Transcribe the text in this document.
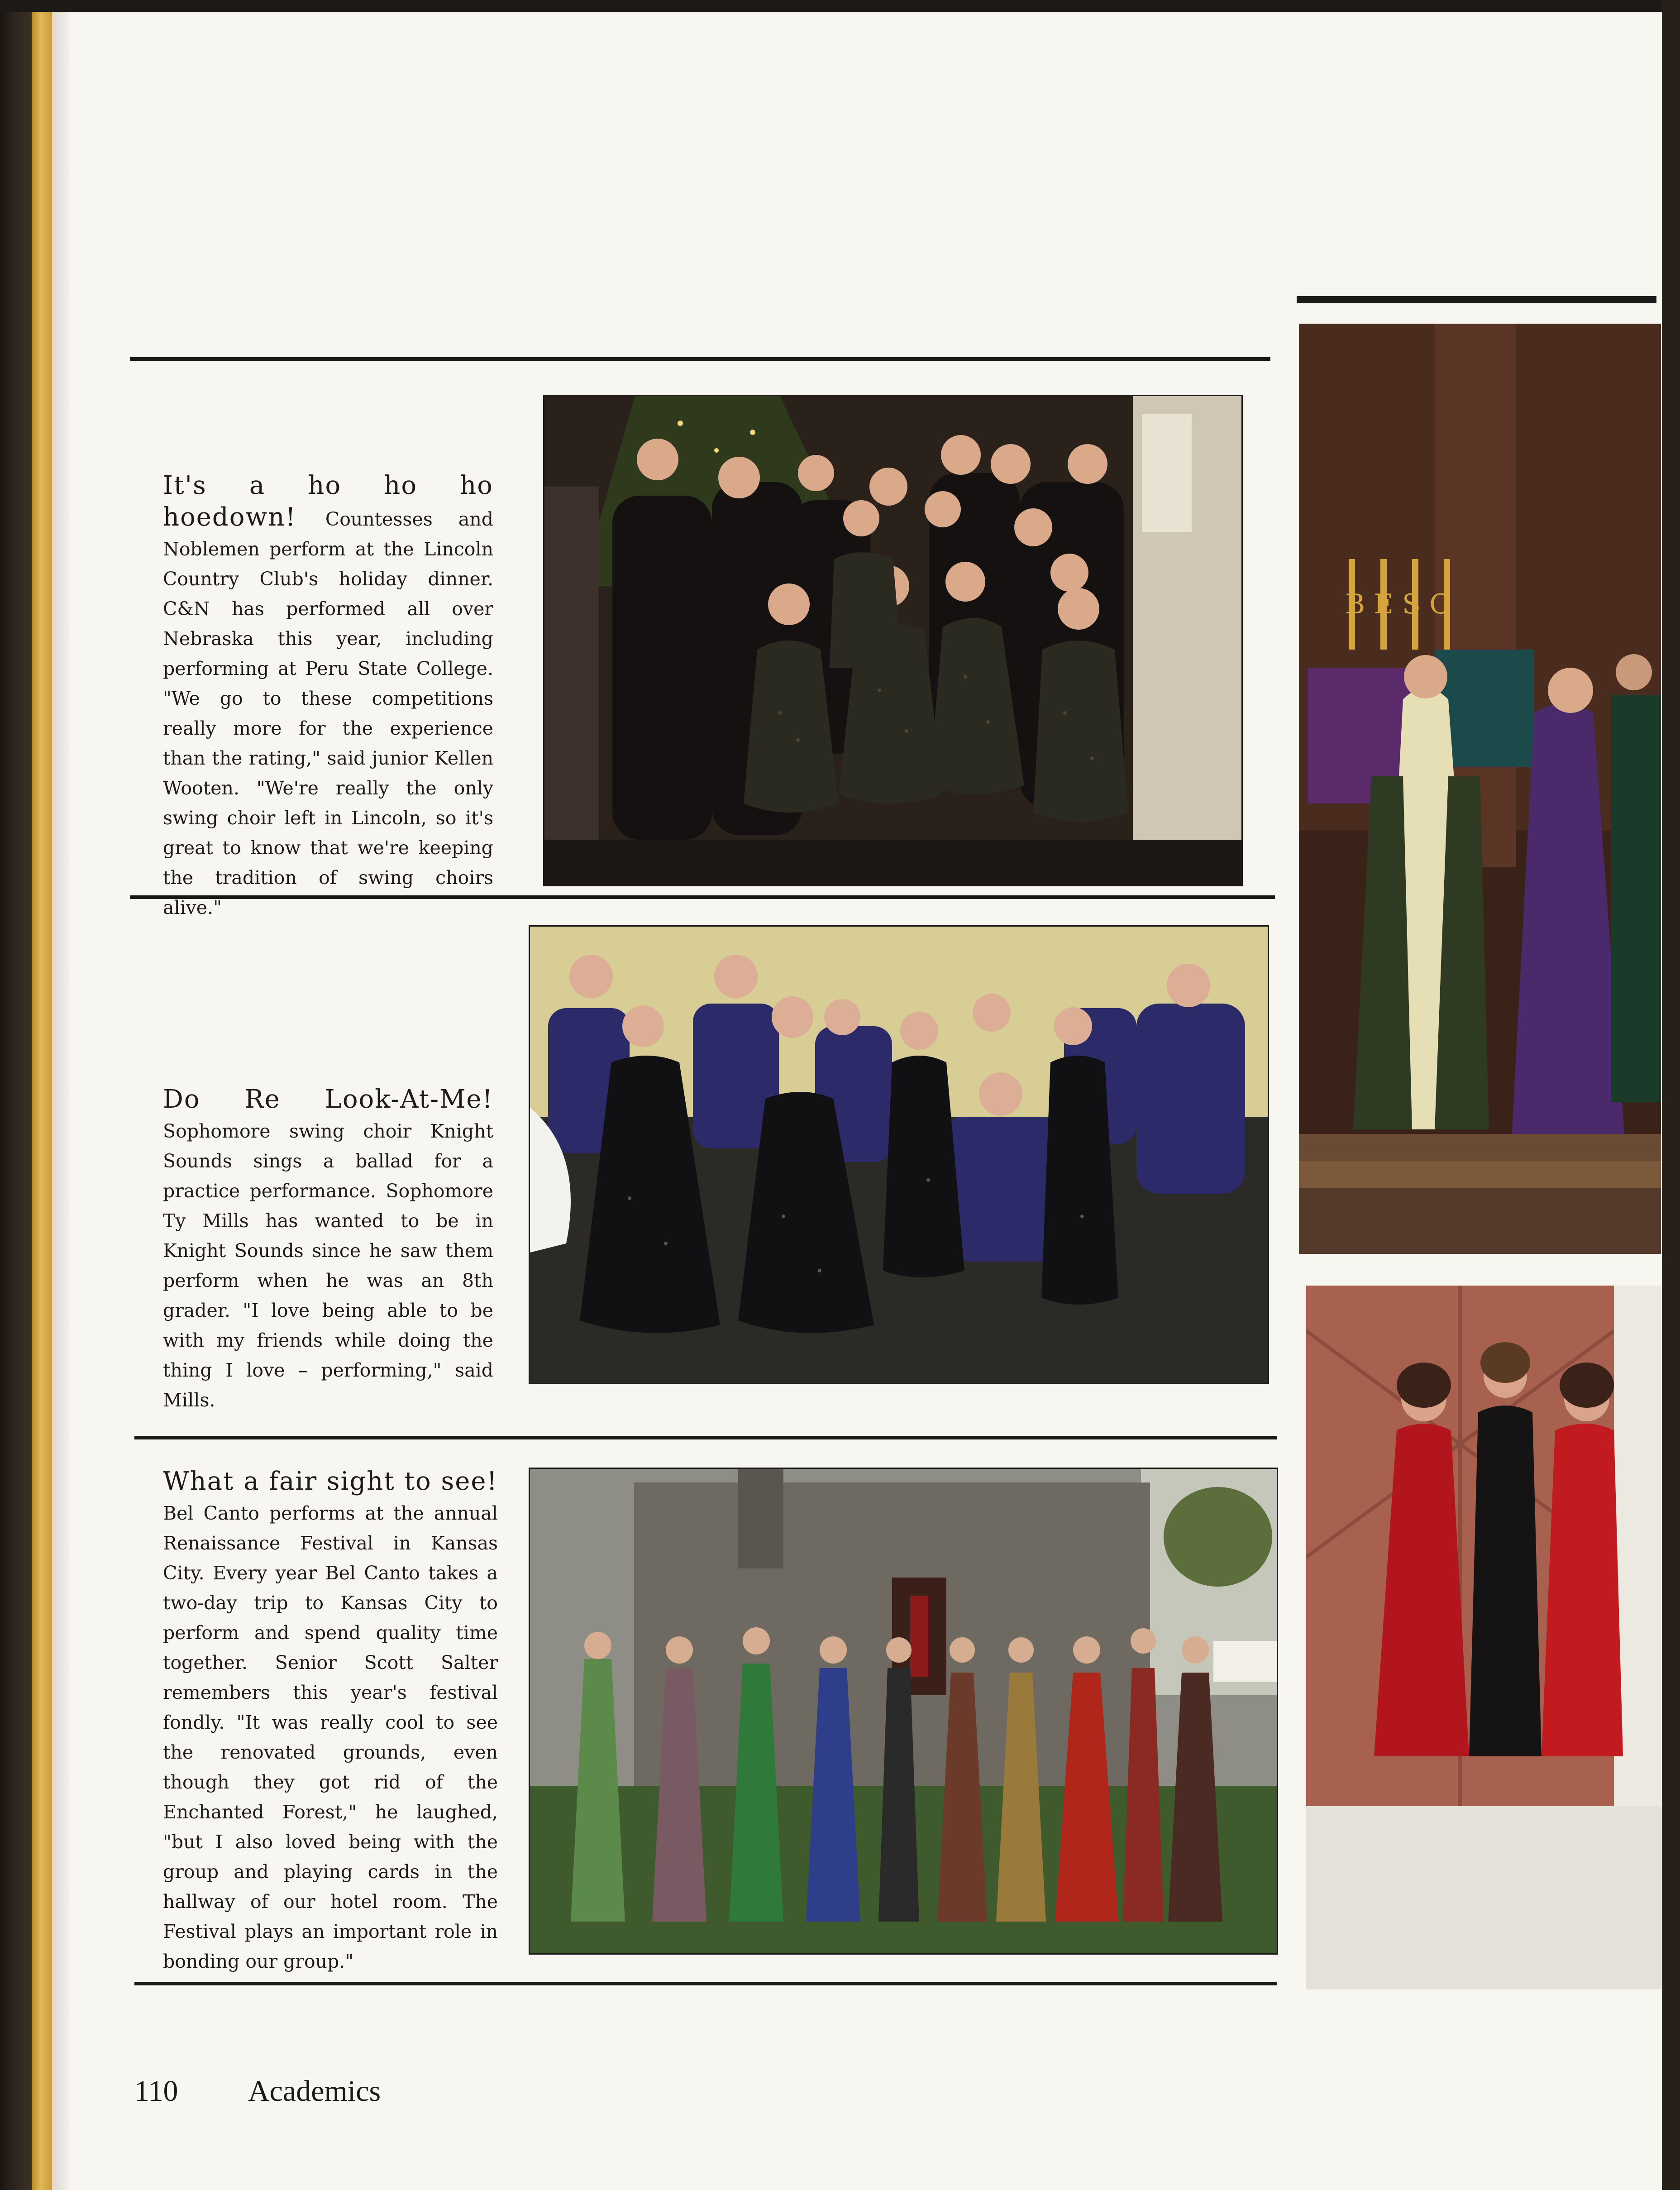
It's a ho ho ho hoedown! Countesses and Noblemen perform at the Lincoln Country Club's holiday dinner. C&N has performed all over Nebraska this year, including performing at Peru State College. "We go to these competitions really more for the experience than the rating," said junior Kellen Wooten. "We're really the only swing choir left in Lincoln, so it's great to know that we're keeping the tradition of swing choirs alive."
Do Re Look-At-Me! Sophomore swing choir Knight Sounds sings a ballad for a practice performance. Sophomore Ty Mills has wanted to be in Knight Sounds since he saw them perform when he was an 8th grader. "I love being able to be with my friends while doing the thing I love – performing," said Mills.
What a fair sight to see! Bel Canto performs at the annual Renaissance Festival in Kansas City. Every year Bel Canto takes a two-day trip to Kansas City to perform and spend quality time together. Senior Scott Salter remembers this year's festival fondly. "It was really cool to see the renovated grounds, even though they got rid of the Enchanted Forest," he laughed, "but I also loved being with the group and playing cards in the hallway of our hotel room. The Festival plays an important role in bonding our group."
B E S C
110 Academics
